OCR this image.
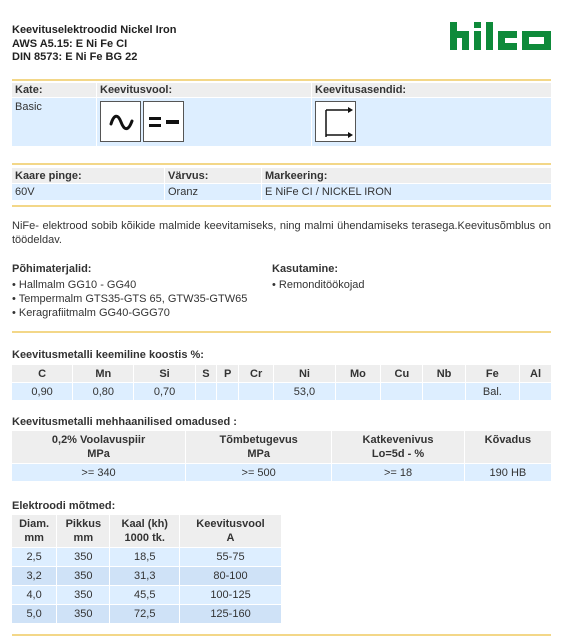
Keevituselektroodid Nickel Iron
AWS A5.15: E Ni Fe CI
DIN 8573: E Ni Fe BG 22
Kate:	Keevitusvool:	Keevitusasendid:
Basic	

Kaare pinge:	Värvus:	Markeering:
60V	Oranz	E NiFe CI / NICKEL IRON
NiFe- elektrood sobib kõikide malmide keevitamiseks, ning malmi ühendamiseks terasega.Keevitusõmblus on töödeldav.
Põhimaterjalid:
• Hallmalm GG10 - GG40
• Tempermalm GTS35-GTS 65, GTW35-GTW65
• Keragrafiitmalm GG40-GGG70
Kasutamine:
• Remonditöökojad
Keevitusmetalli keemiline koostis %:
C	Mn	Si	S	P	Cr	Ni	Mo	Cu	Nb	Fe	Al
0,90	0,80	0,70				53,0				Bal.	
Keevitusmetalli mehhaanilised omadused :
0,2% Voolavuspiir
MPa	Tõmbetugevus
MPa	Katkevenivus
Lo=5d - %	Kõvadus
>= 340	>= 500	>= 18	190 HB
Elektroodi mõtmed:
Diam.
mm	Pikkus
mm	Kaal (kh)
1000 tk.	Keevitusvool
A
2,5	350	18,5	55-75
3,2	350	31,3	80-100
4,0	350	45,5	100-125
5,0	350	72,5	125-160
